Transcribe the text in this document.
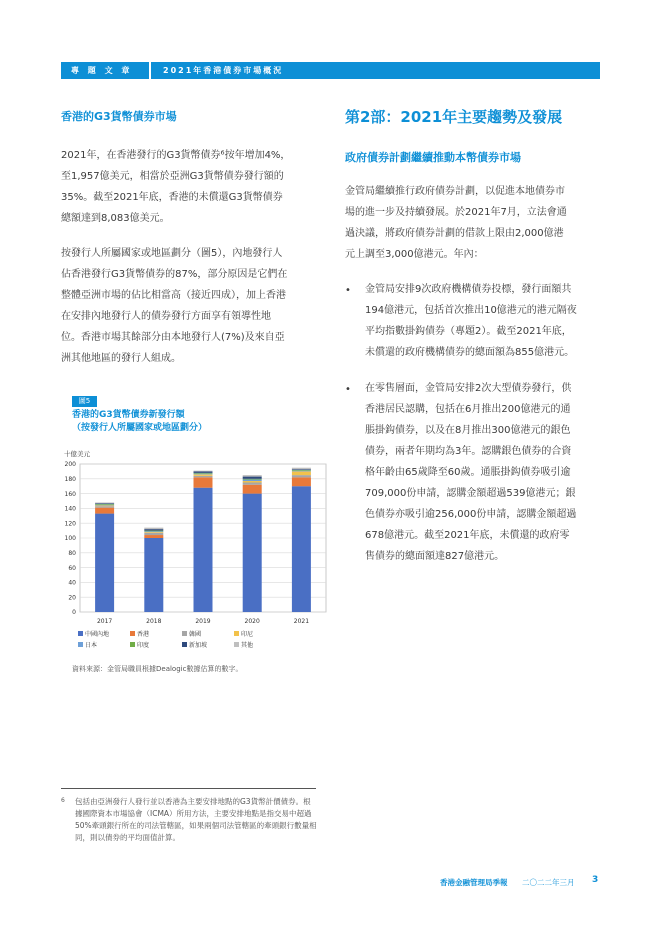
專 題 文 章	2021年香港債券市場概況
香港的G3貨幣債券市場
2021年，在香港發行的G3貨幣債券⁶按年增加4%，
至1,957億美元，相當於亞洲G3貨幣債券發行額的
35%。截至2021年底，香港的未償還G3貨幣債券
總額達到8,083億美元。
按發行人所屬國家或地區劃分（圖5），內地發行人
佔香港發行G3貨幣債券的87%，部分原因是它們在
整體亞洲市場的佔比相當高（接近四成），加上香港
在安排內地發行人的債券發行方面享有領導性地
位。香港市場其餘部分由本地發行人(7%)及來自亞
洲其他地區的發行人組成。
第2部：2021年主要趨勢及發展
政府債券計劃繼續推動本幣債券市場
金管局繼續推行政府債券計劃，以促進本地債券市
場的進一步及持續發展。於2021年7月，立法會通
過決議，將政府債券計劃的借款上限由2,000億港
元上調至3,000億港元。年內：
• 金管局安排9次政府機構債券投標，發行面額共
194億港元，包括首次推出10億港元的港元隔夜
平均指數掛鈎債券（專題2）。截至2021年底，
未償還的政府機構債券的總面額為855億港元。
• 在零售層面，金管局安排2次大型債券發行，供
香港居民認購，包括在6月推出200億港元的通
脹掛鈎債券，以及在8月推出300億港元的銀色
債券，兩者年期均為3年。認購銀色債券的合資
格年齡由65歲降至60歲。通脹掛鈎債券吸引逾
709,000份申請，認購金額超過539億港元；銀
色債券亦吸引逾256,000份申請，認購金額超過
678億港元。截至2021年底，未償還的政府零
售債券的總面額達827億港元。
圖5
香港的G3貨幣債券新發行額
（按發行人所屬國家或地區劃分）
十億美元
0
20
40
60
80
100
120
140
160
180
200
2017	2018	2019	2020	2021
中國內地	香港	韓國	印尼
日本	印度	新加坡	其他
資料來源：金管局職員根據Dealogic數據估算的數字。
6 包括由亞洲發行人發行並以香港為主要安排地點的G3貨幣計價債券。根據國際資本市場協會（ICMA）所用方法，主要安排地點是指交易中超過50%牽頭銀行所在的司法管轄區，如果兩個司法管轄區的牽頭銀行數量相同，則以債券的平均面值計算。

香港金融管理局季報 二〇二二年三月 3
